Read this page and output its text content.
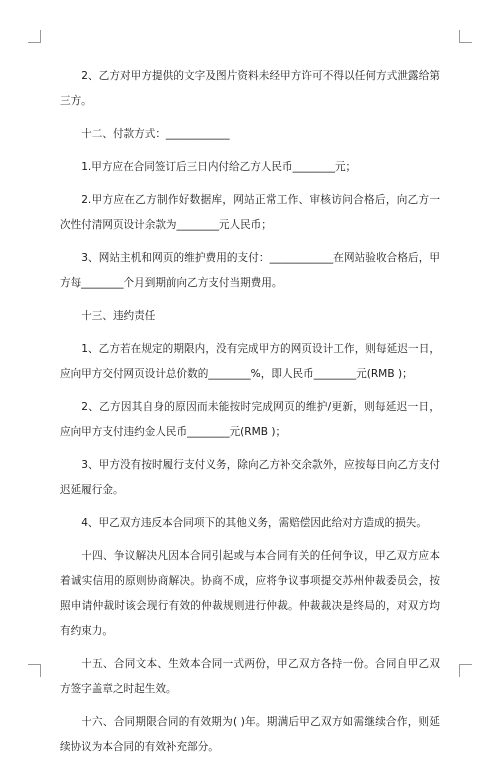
2、乙方对甲方提供的文字及图片资料未经甲方许可不得以任何方式泄露给第三方。

十二、付款方式：____________

1.甲方应在合同签订后三日内付给乙方人民币________元；

2.甲方应在乙方制作好数据库，网站正常工作、审核访问合格后，向乙方一次性付清网页设计余款为________元人民币；

3、网站主机和网页的维护费用的支付：____________在网站验收合格后，甲方每________个月到期前向乙方支付当期费用。

十三、违约责任

1、乙方若在规定的期限内，没有完成甲方的网页设计工作，则每延迟一日，应向甲方交付网页设计总价数的________%，即人民币________元(RMB )；

2、乙方因其自身的原因而未能按时完成网页的维护/更新，则每延迟一日，应向甲方支付违约金人民币________元(RMB )；

3、甲方没有按时履行支付义务，除向乙方补交余款外，应按每日向乙方支付迟延履行金。

4、甲乙双方违反本合同项下的其他义务，需赔偿因此给对方造成的损失。

十四、争议解决凡因本合同引起或与本合同有关的任何争议，甲乙双方应本着诚实信用的原则协商解决。协商不成，应将争议事项提交苏州仲裁委员会，按照申请仲裁时该会现行有效的仲裁规则进行仲裁。仲裁裁决是终局的，对双方均有约束力。

十五、合同文本、生效本合同一式两份，甲乙双方各持一份。合同自甲乙双方签字盖章之时起生效。

十六、合同期限合同的有效期为( )年。期满后甲乙双方如需继续合作，则延续协议为本合同的有效补充部分。
